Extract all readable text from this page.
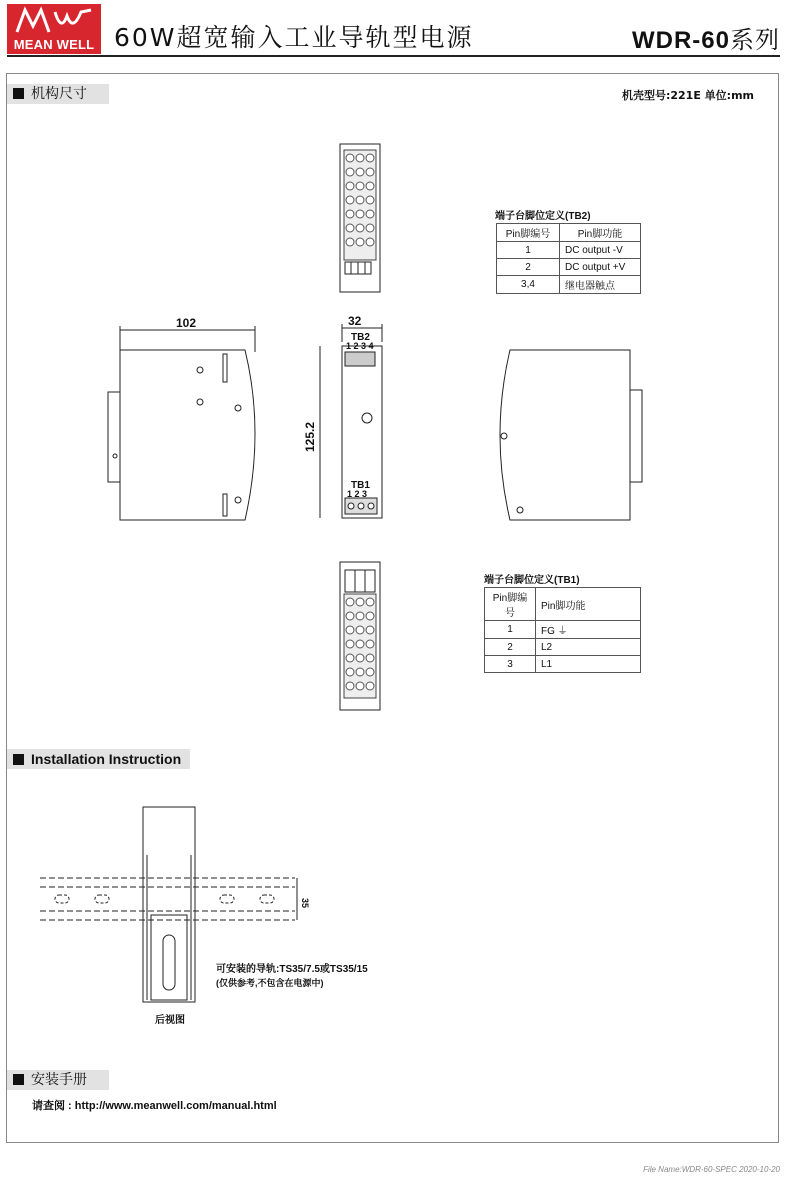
MEAN WELL 60W超宽输入工业导轨型电源	WDR-60系列
机构尺寸	机壳型号:221E 单位:mm
端子台脚位定义(TB2)
Pin脚编号	Pin脚功能
1	DC output -V
2	DC output +V
3,4	继电器触点
102	32
125.2
TB2
1 2 3 4
TB1
1 2 3
端子台脚位定义(TB1)
Pin脚编号	Pin脚功能
1	FG ⏚
2	L2
3	L1
Installation Instruction
35
可安装的导轨:TS35/7.5或TS35/15
(仅供参考,不包含在电源中)
后视图
安装手册
请查阅 : http://www.meanwell.com/manual.html
File Name:WDR-60-SPEC 2020-10-20
